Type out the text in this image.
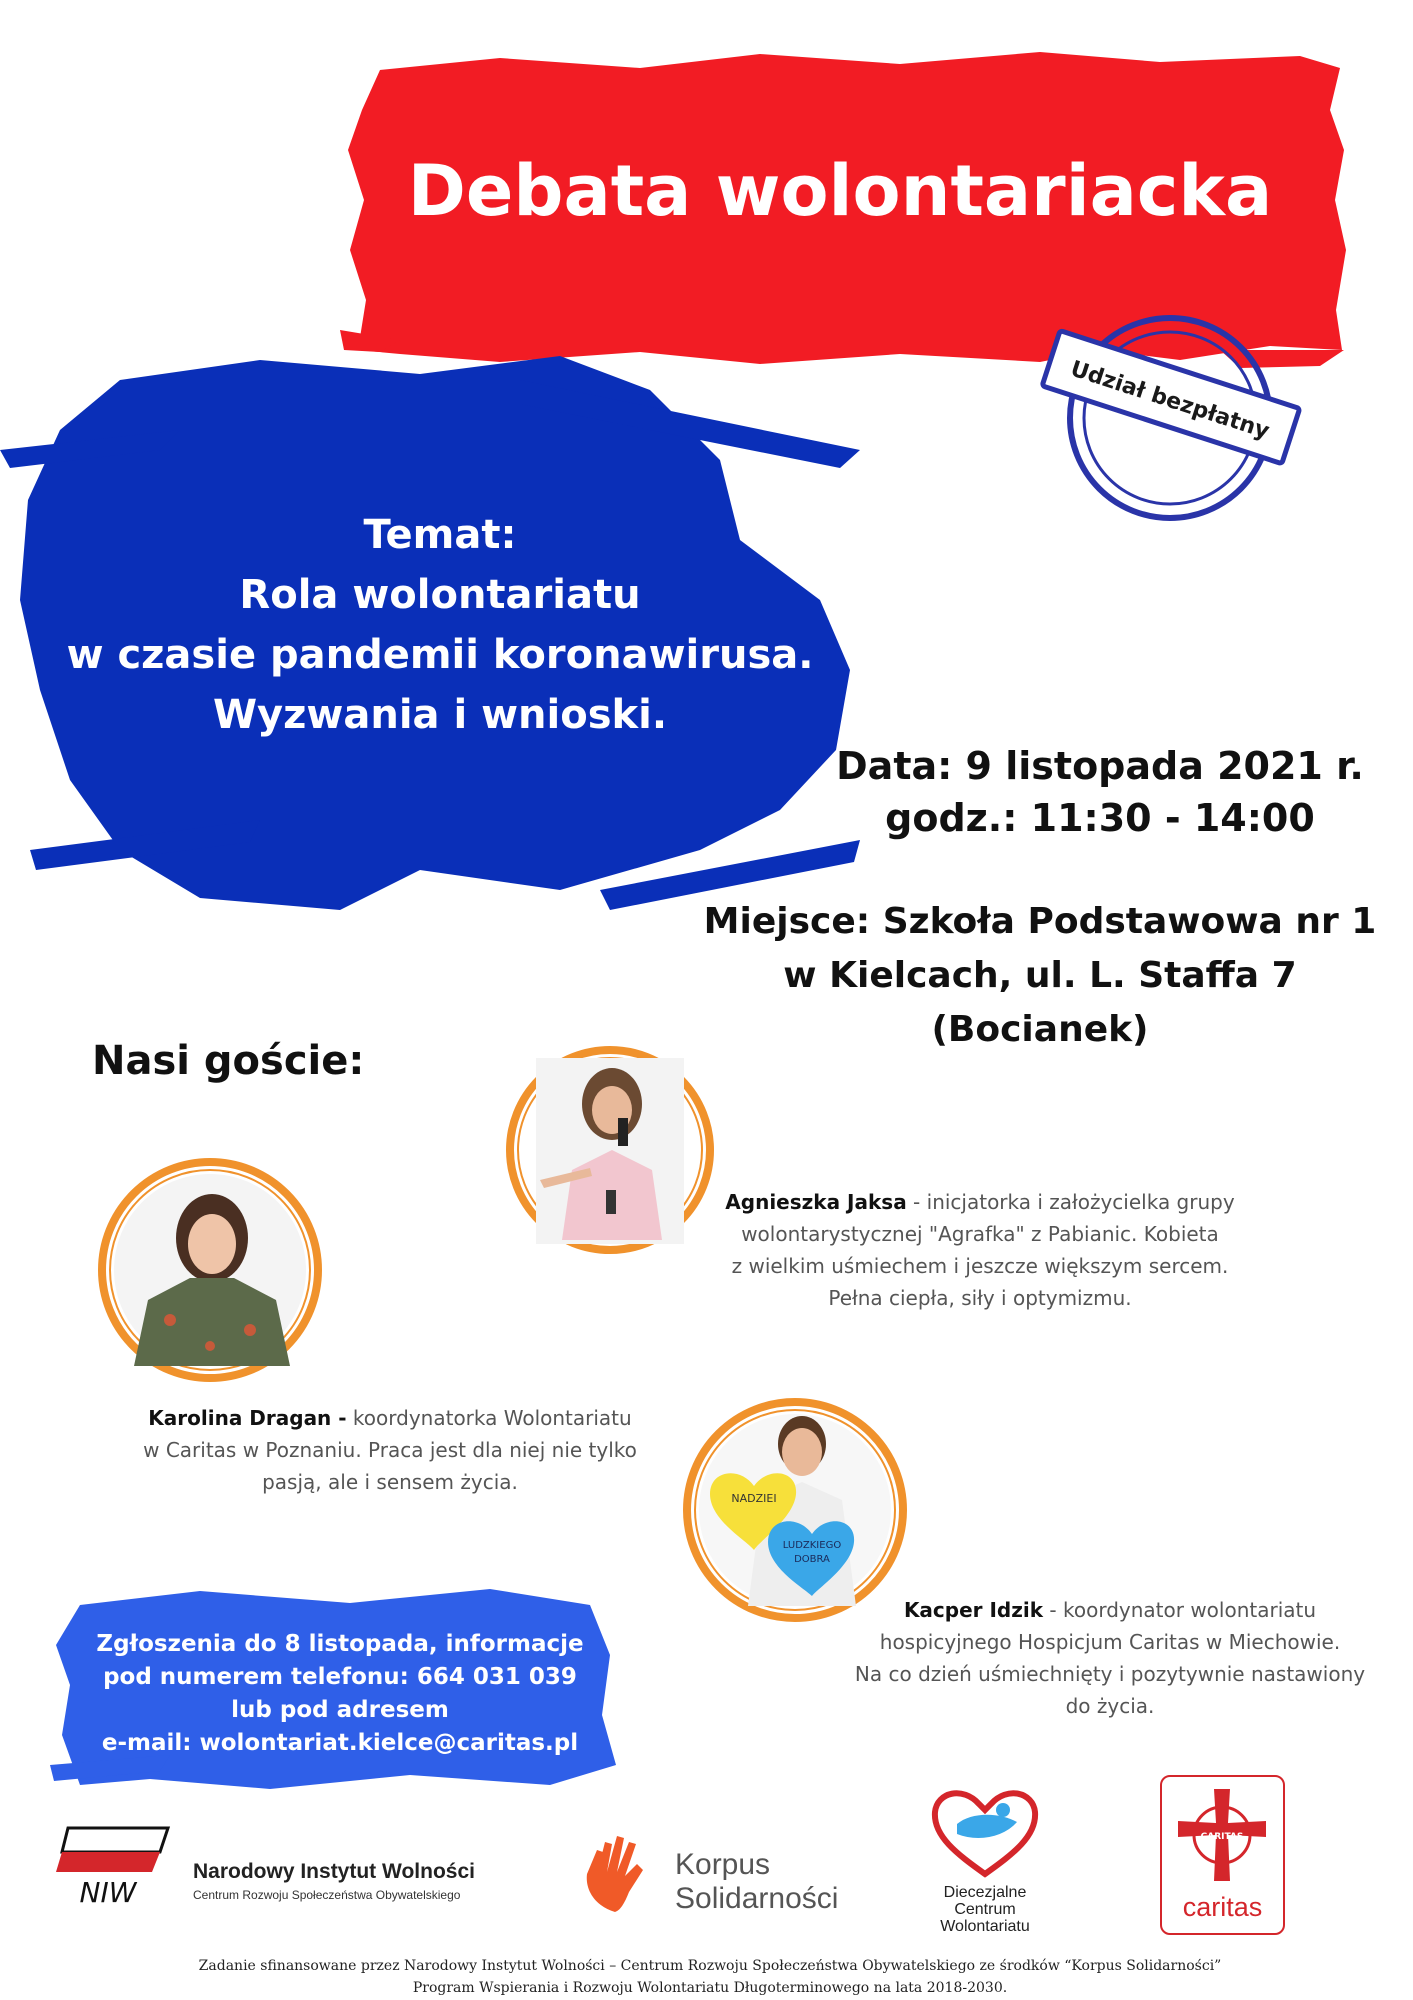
Debata wolontariacka
Udział bezpłatny
Temat:
Rola wolontariatu
w czasie pandemii koronawirusa.
Wyzwania i wnioski.
Data: 9 listopada 2021 r.
godz.: 11:30 - 14:00
Miejsce: Szkoła Podstawowa nr 1
w Kielcach, ul. L. Staffa 7 (Bocianek)
Nasi goście:
Agnieszka Jaksa - inicjatorka i założycielka grupy
wolontarystycznej "Agrafka" z Pabianic. Kobieta
z wielkim uśmiechem i jeszcze większym sercem.
Pełna ciepła, siły i optymizmu.
Karolina Dragan - koordynatorka Wolontariatu
w Caritas w Poznaniu. Praca jest dla niej nie tylko
pasją, ale i sensem życia.
NADZIEI
LUDZKIEGO
DOBRA
Kacper Idzik - koordynator wolontariatu
hospicyjnego Hospicjum Caritas w Miechowie.
Na co dzień uśmiechnięty i pozytywnie nastawiony
do życia.
Zgłoszenia do 8 listopada, informacje
pod numerem telefonu: 664 031 039
lub pod adresem
e-mail: wolontariat.kielce@caritas.pl
NIW
Narodowy Instytut Wolności
Centrum Rozwoju Społeczeństwa Obywatelskiego
Korpus
Solidarności	Diecezjalne
Centrum
Wolontariatu
CARITAS
caritas
Zadanie sfinansowane przez Narodowy Instytut Wolności – Centrum Rozwoju Społeczeństwa Obywatelskiego ze środków “Korpus Solidarności”
Program Wspierania i Rozwoju Wolontariatu Długoterminowego na lata 2018-2030.
